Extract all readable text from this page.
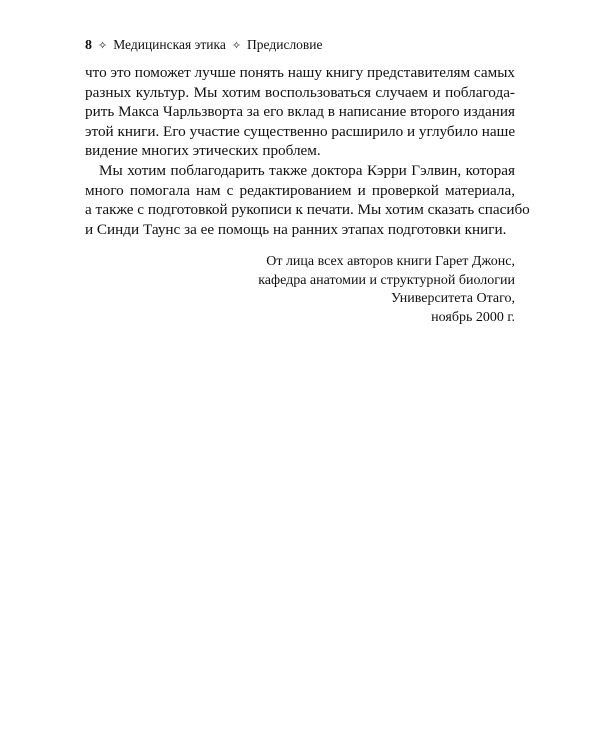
8 ✧ Медицинская этика ✧ Предисловие

что это поможет лучше понять нашу книгу представителям самых
разных культур. Мы хотим воспользоваться случаем и поблагода-
рить Макса Чарльзворта за его вклад в написание второго издания
этой книги. Его участие существенно расширило и углубило наше
видение многих этических проблем.

Мы хотим поблагодарить также доктора Кэрри Гэлвин, которая
много помогала нам с редактированием и проверкой материала,
а также с подготовкой рукописи к печати. Мы хотим сказать спасибо
и Синди Таунс за ее помощь на ранних этапах подготовки книги.

От лица всех авторов книги Гарет Джонс,
кафедра анатомии и структурной биологии
Университета Отаго,
ноябрь 2000 г.
